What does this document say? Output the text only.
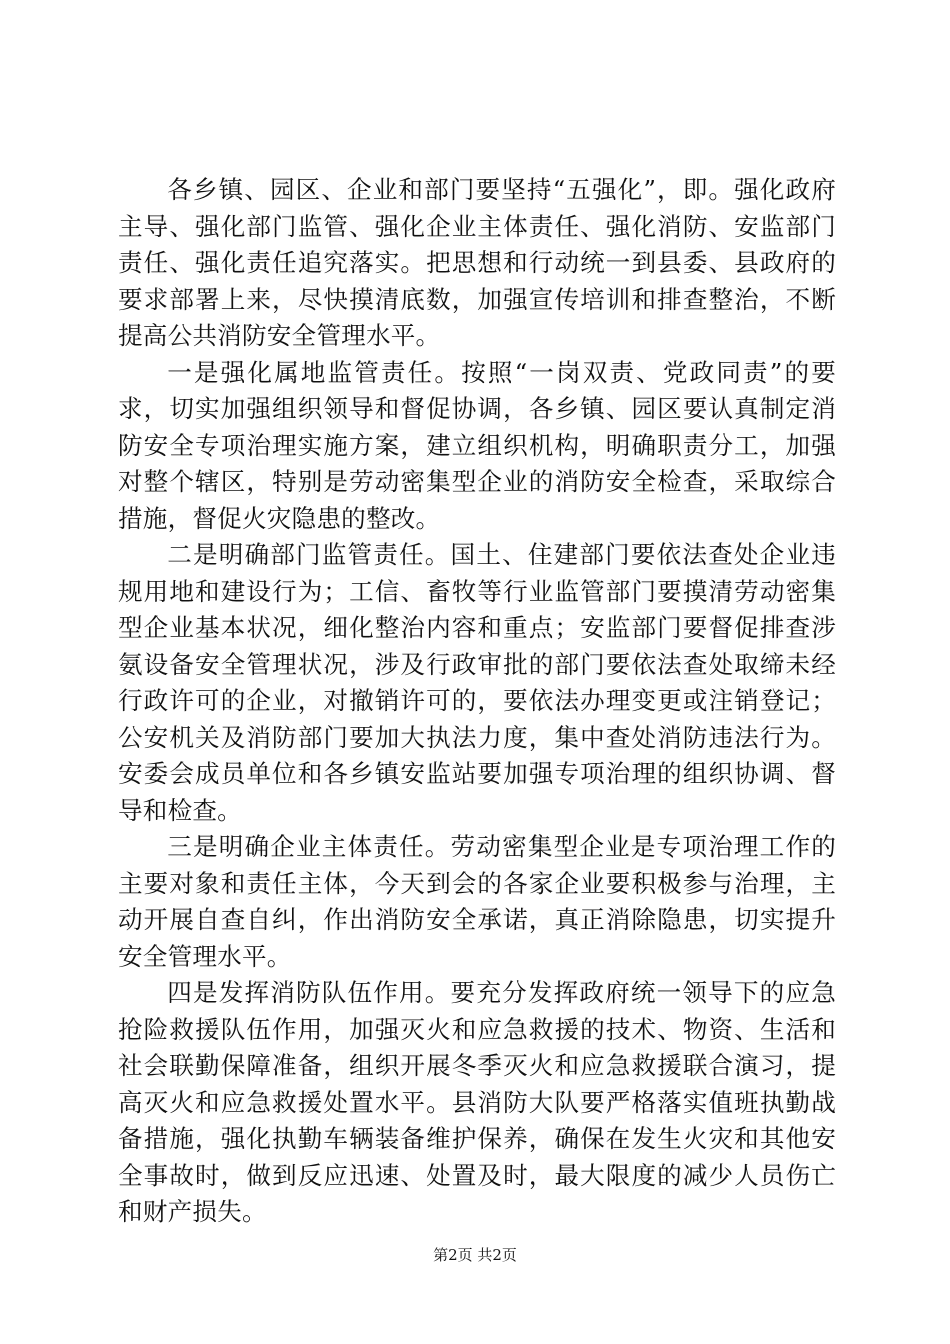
各乡镇、园区、企业和部门要坚持“五强化”，即。强化政府主导、强化部门监管、强化企业主体责任、强化消防、安监部门责任、强化责任追究落实。把思想和行动统一到县委、县政府的要求部署上来，尽快摸清底数，加强宣传培训和排查整治，不断提高公共消防安全管理水平。

一是强化属地监管责任。按照“一岗双责、党政同责”的要求，切实加强组织领导和督促协调，各乡镇、园区要认真制定消防安全专项治理实施方案，建立组织机构，明确职责分工，加强对整个辖区，特别是劳动密集型企业的消防安全检查，采取综合措施，督促火灾隐患的整改。

二是明确部门监管责任。国土、住建部门要依法查处企业违规用地和建设行为；工信、畜牧等行业监管部门要摸清劳动密集型企业基本状况，细化整治内容和重点；安监部门要督促排查涉氨设备安全管理状况，涉及行政审批的部门要依法查处取缔未经行政许可的企业，对撤销许可的，要依法办理变更或注销登记；公安机关及消防部门要加大执法力度，集中查处消防违法行为。安委会成员单位和各乡镇安监站要加强专项治理的组织协调、督导和检查。

三是明确企业主体责任。劳动密集型企业是专项治理工作的主要对象和责任主体，今天到会的各家企业要积极参与治理，主动开展自查自纠，作出消防安全承诺，真正消除隐患，切实提升安全管理水平。

四是发挥消防队伍作用。要充分发挥政府统一领导下的应急抢险救援队伍作用，加强灭火和应急救援的技术、物资、生活和社会联勤保障准备，组织开展冬季灭火和应急救援联合演习，提高灭火和应急救援处置水平。县消防大队要严格落实值班执勤战备措施，强化执勤车辆装备维护保养，确保在发生火灾和其他安全事故时，做到反应迅速、处置及时，最大限度的减少人员伤亡和财产损失。

第2页 共2页
